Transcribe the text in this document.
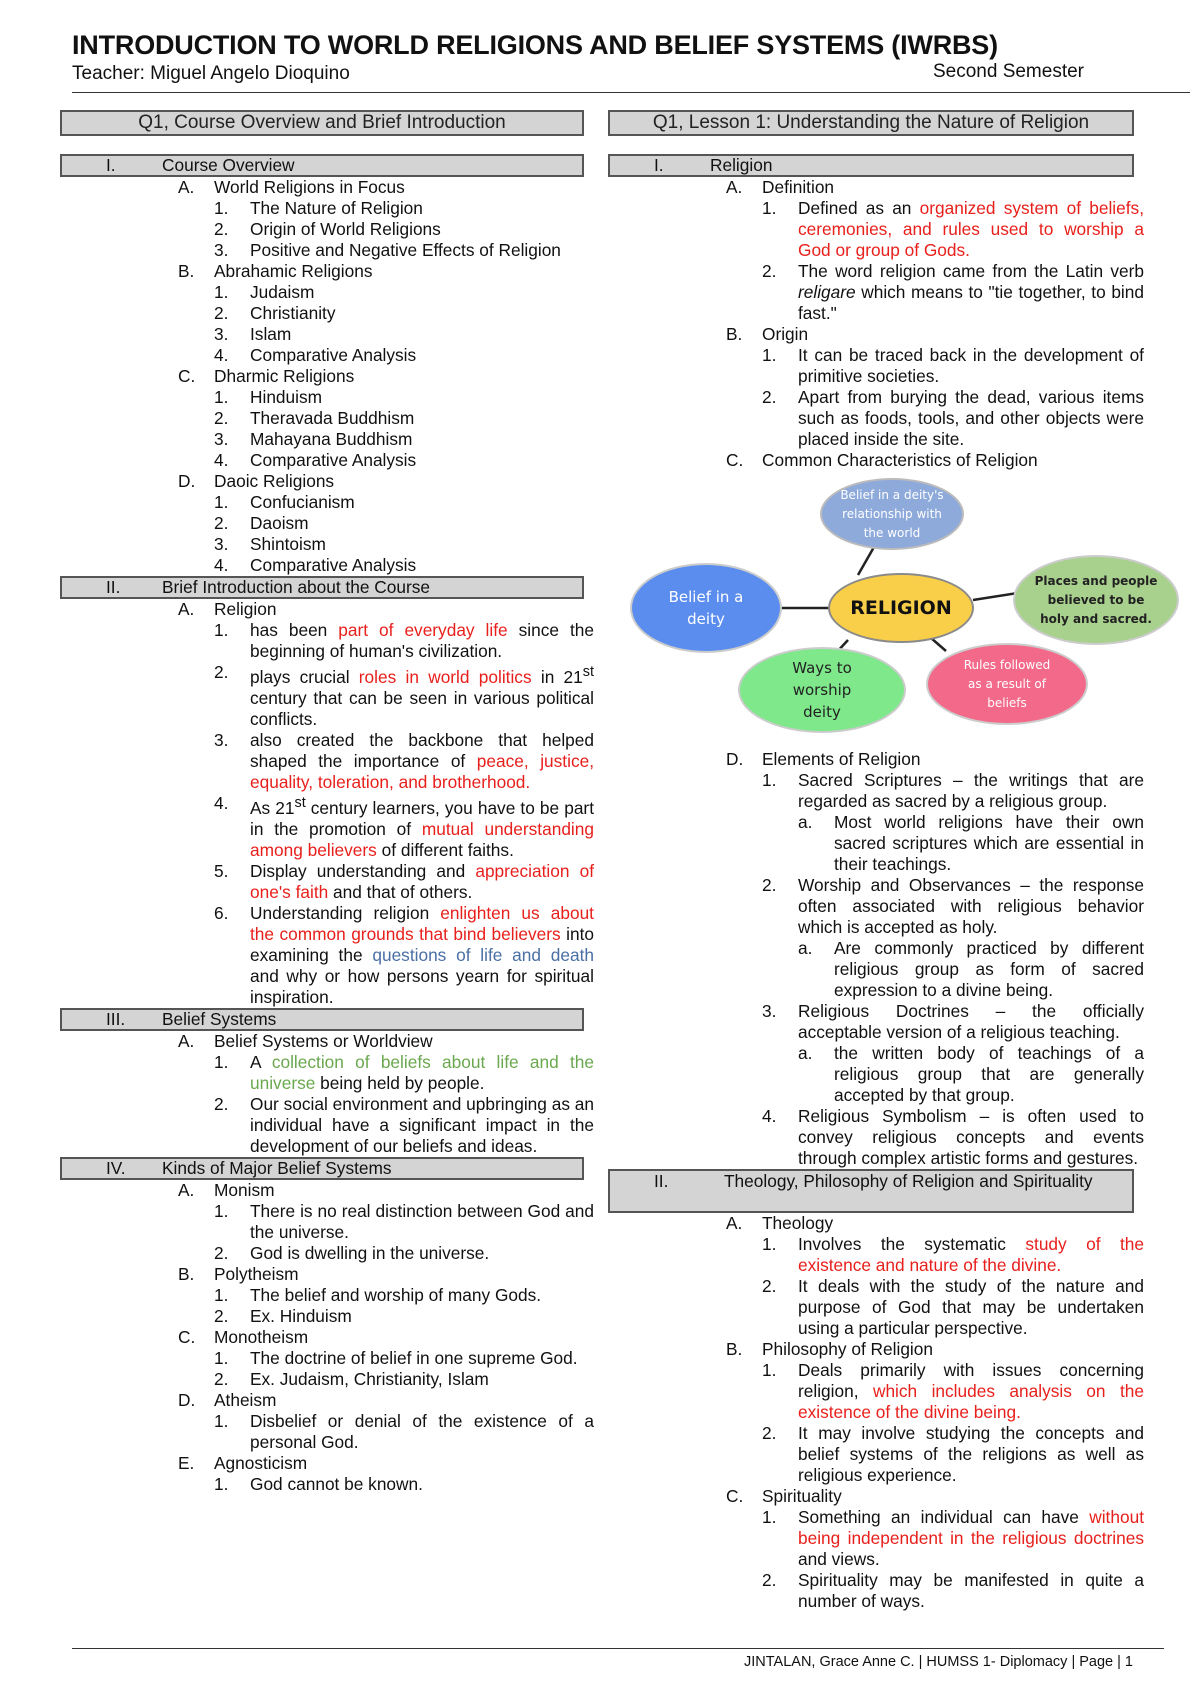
INTRODUCTION TO WORLD RELIGIONS AND BELIEF SYSTEMS (IWRBS)
Teacher: Miguel Angelo Dioquino	Second Semester
Q1, Course Overview and Brief Introduction
I.	Course Overview
A.	World Religions in Focus
1.	The Nature of Religion
2.	Origin of World Religions
3.	Positive and Negative Effects of Religion
B.	Abrahamic Religions
1.	Judaism
2.	Christianity
3.	Islam
4.	Comparative Analysis
C.	Dharmic Religions
1.	Hinduism
2.	Theravada Buddhism
3.	Mahayana Buddhism
4.	Comparative Analysis
D.	Daoic Religions
1.	Confucianism
2.	Daoism
3.	Shintoism
4.	Comparative Analysis
II.	Brief Introduction about the Course
A.	Religion
1.	has been part of everyday life since the beginning of human's civilization.
2.	plays crucial roles in world politics in 21st century that can be seen in various political conflicts.
3.	also created the backbone that helped shaped the importance of peace, justice, equality, toleration, and brotherhood.
4.	As 21st century learners, you have to be part in the promotion of mutual understanding among believers of different faiths.
5.	Display understanding and appreciation of one's faith and that of others.
6.	Understanding religion enlighten us about the common grounds that bind believers into examining the questions of life and death and why or how persons yearn for spiritual inspiration.
III.	Belief Systems
A.	Belief Systems or Worldview
1.	A collection of beliefs about life and the universe being held by people.
2.	Our social environment and upbringing as an individual have a significant impact in the development of our beliefs and ideas.
IV.	Kinds of Major Belief Systems
A.	Monism
1.	There is no real distinction between God and the universe.
2.	God is dwelling in the universe.
B.	Polytheism
1.	The belief and worship of many Gods.
2.	Ex. Hinduism
C.	Monotheism
1.	The doctrine of belief in one supreme God.
2.	Ex. Judaism, Christianity, Islam
D.	Atheism
1.	Disbelief or denial of the existence of a personal God.
E.	Agnosticism
1.	God cannot be known.
Q1, Lesson 1: Understanding the Nature of Religion
I.	Religion
A.	Definition
1.	Defined as an organized system of beliefs, ceremonies, and rules used to worship a God or group of Gods.
2.	The word religion came from the Latin verb religare which means to "tie together, to bind fast."
B.	Origin
1.	It can be traced back in the development of primitive societies.
2.	Apart from burying the dead, various items such as foods, tools, and other objects were placed inside the site.
C.	Common Characteristics of Religion
RELIGION
Belief in a deity's relationship with the world
Belief in a deity
Places and people believed to be holy and sacred.
Ways to worship deity
Rules followed as a result of beliefs
D.	Elements of Religion
1.	Sacred Scriptures – the writings that are regarded as sacred by a religious group.
a.	Most world religions have their own sacred scriptures which are essential in their teachings.
2.	Worship and Observances – the response often associated with religious behavior which is accepted as holy.
a.	Are commonly practiced by different religious group as form of sacred expression to a divine being.
3.	Religious Doctrines – the officially acceptable version of a religious teaching.
a.	the written body of teachings of a religious group that are generally accepted by that group.
4.	Religious Symbolism – is often used to convey religious concepts and events through complex artistic forms and gestures.
II.	Theology, Philosophy of Religion and Spirituality
A.	Theology
1.	Involves the systematic study of the existence and nature of the divine.
2.	It deals with the study of the nature and purpose of God that may be undertaken using a particular perspective.
B.	Philosophy of Religion
1.	Deals primarily with issues concerning religion, which includes analysis on the existence of the divine being.
2.	It may involve studying the concepts and belief systems of the religions as well as religious experience.
C.	Spirituality
1.	Something an individual can have without being independent in the religious doctrines and views.
2.	Spirituality may be manifested in quite a number of ways.
JINTALAN, Grace Anne C. | HUMSS 1- Diplomacy | Page | 1
